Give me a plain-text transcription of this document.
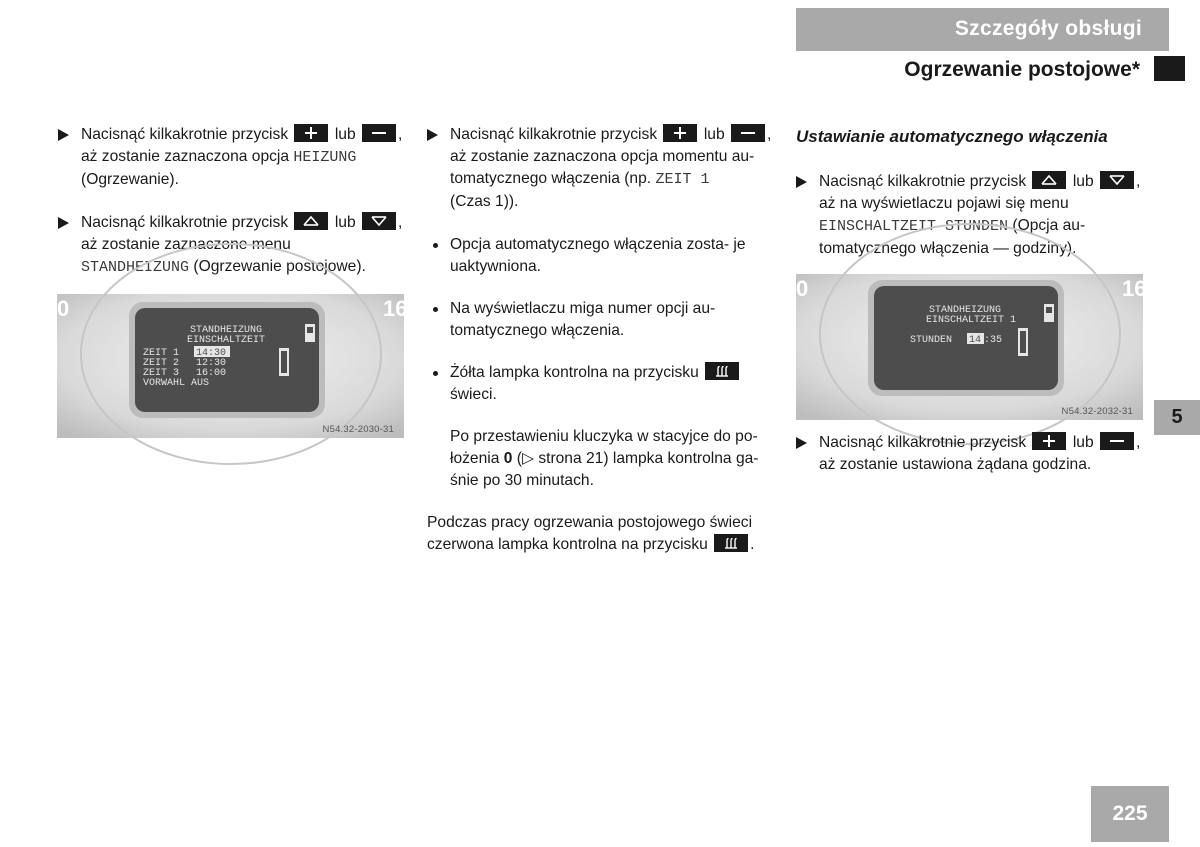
Szczegóły obsługi
Ogrzewanie postojowe*
Nacisnąć kilkakrotnie przycisk	lub	,
aż zostanie zaznaczona opcja HEIZUNG
(Ogrzewanie).
Nacisnąć kilkakrotnie przycisk	lub	,
aż zostanie zaznaczone menu
STANDHEIZUNG (Ogrzewanie postojowe).
0	16
STANDHEIZUNG
EINSCHALTZEIT
ZEIT 1 14:30
ZEIT 2 12:30
ZEIT 3 16:00
VORWAHL AUS
N54.32-2030-31
Nacisnąć kilkakrotnie przycisk	lub	,
aż zostanie zaznaczona opcja momentu au-
tomatycznego włączenia (np. ZEIT 1
(Czas 1)).
Opcja automatycznego włączenia zosta- je uaktywniona.
Na wyświetlaczu miga numer opcji au- tomatycznego włączenia.
Żółta lampka kontrolna na przycisku

świeci.
Po przestawieniu kluczyka w stacyjce do po-
łożenia 0 (▷ strona 21) lampka kontrolna ga-
śnie po 30 minutach.
Podczas pracy ogrzewania postojowego świeci
czerwona lampka kontrolna na przycisku	.
Ustawianie automatycznego włączenia
Nacisnąć kilkakrotnie przycisk	lub	,
aż na wyświetlaczu pojawi się menu
EINSCHALTZEIT STUNDEN (Opcja au-
tomatycznego włączenia — godziny).
0	16
STANDHEIZUNG
EINSCHALTZEIT 1
STUNDEN 14 :35
N54.32-2032-31
Nacisnąć kilkakrotnie przycisk	lub	,
aż zostanie ustawiona żądana godzina.
5
225
